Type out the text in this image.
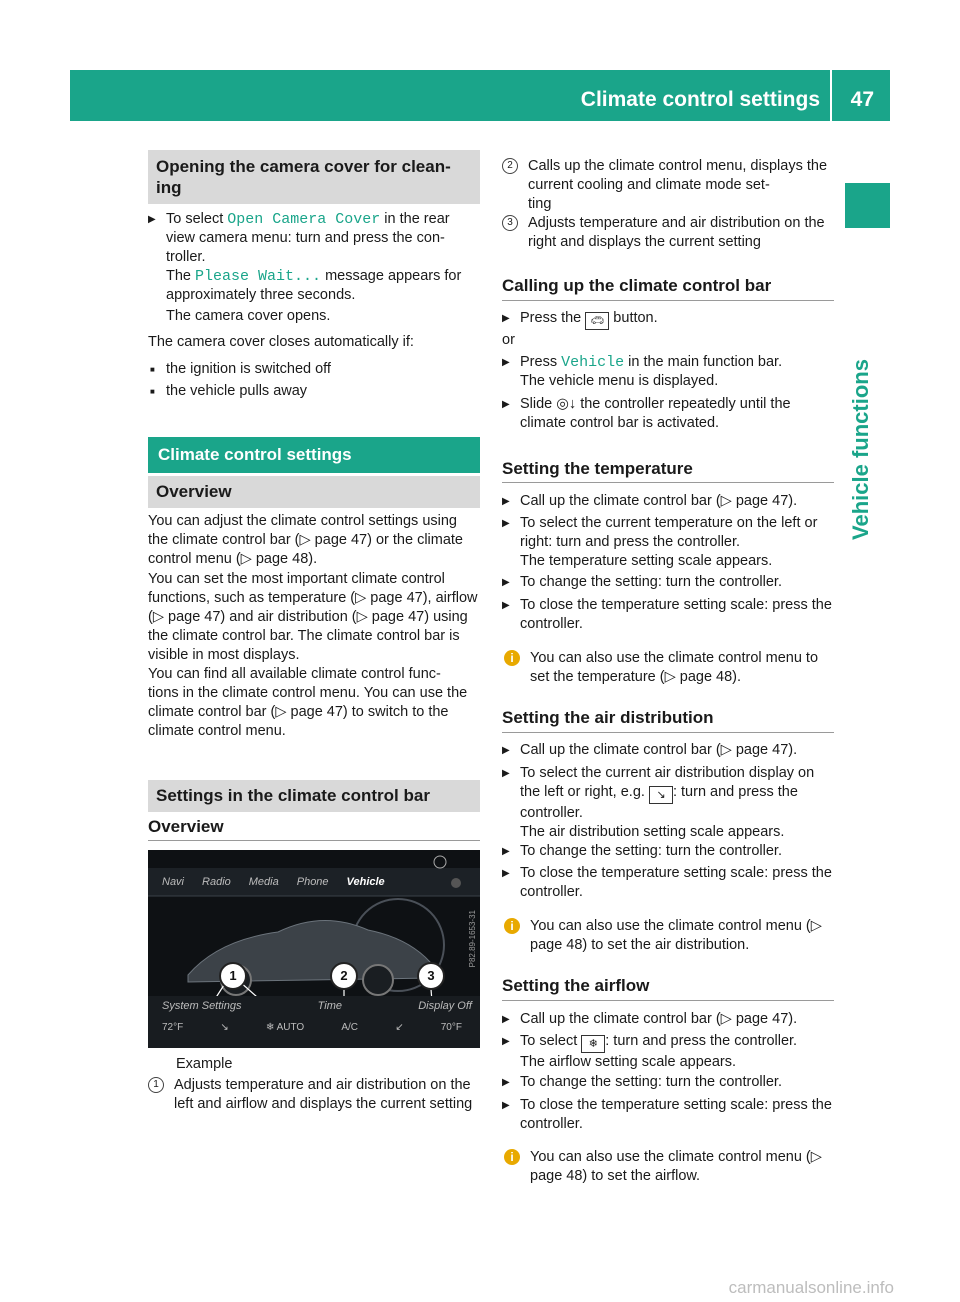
Climate control settings 47
Vehicle functions
Opening the camera cover for clean-
ing
▶ To select Open Camera Cover in the rear view camera menu: turn and press the con- troller.
The Please Wait... message appears for approximately three seconds.
The camera cover opens.
The camera cover closes automatically if:
■ the ignition is switched off
■ the vehicle pulls away
Climate control settings
Overview
You can adjust the climate control settings using the climate control bar (▷ page 47) or the climate control menu (▷ page 48).
You can set the most important climate control functions, such as temperature (▷ page 47), airflow (▷ page 47) and air distribution (▷ page 47) using the climate control bar. The climate control bar is visible in most displays.
You can find all available climate control func-
tions in the climate control menu. You can use the climate control bar (▷ page 47) to switch to the climate control menu.
Settings in the climate control bar
Overview
Navi Radio Media Phone Vehicle
System Settings	Time	Display Off
72°F	↘	❄ AUTO	A/C	↙	70°F
1	2	3
P82.89-1653-31
Example
1	Adjusts temperature and air distribution on the left and airflow and displays the current setting
2	Calls up the climate control menu, displays the current cooling and climate mode set-
ting
3	Adjusts temperature and air distribution on the right and displays the current setting
Calling up the climate control bar
▶ Press the 🚗︎ button.
or
▶ Press Vehicle in the main function bar.
The vehicle menu is displayed.
▶ Slide ◎↓ the controller repeatedly until the climate control bar is activated.
Setting the temperature
▶ Call up the climate control bar (▷ page 47).
▶ To select the current temperature on the left or right: turn and press the controller.
The temperature setting scale appears.
▶ To change the setting: turn the controller.
▶ To close the temperature setting scale: press the controller.
i	You can also use the climate control menu to set the temperature (▷ page 48).
Setting the air distribution
▶ Call up the climate control bar (▷ page 47).
▶ To select the current air distribution display on the left or right, e.g. ↘ : turn and press the controller.
The air distribution setting scale appears.
▶ To change the setting: turn the controller.
▶ To close the temperature setting scale: press the controller.
i	You can also use the climate control menu (▷ page 48) to set the air distribution.
Setting the airflow
▶ Call up the climate control bar (▷ page 47).
▶ To select ❄︎ : turn and press the controller.
The airflow setting scale appears.
▶ To change the setting: turn the controller.
▶ To close the temperature setting scale: press the controller.
i	You can also use the climate control menu (▷ page 48) to set the airflow.
carmanualsonline.info
